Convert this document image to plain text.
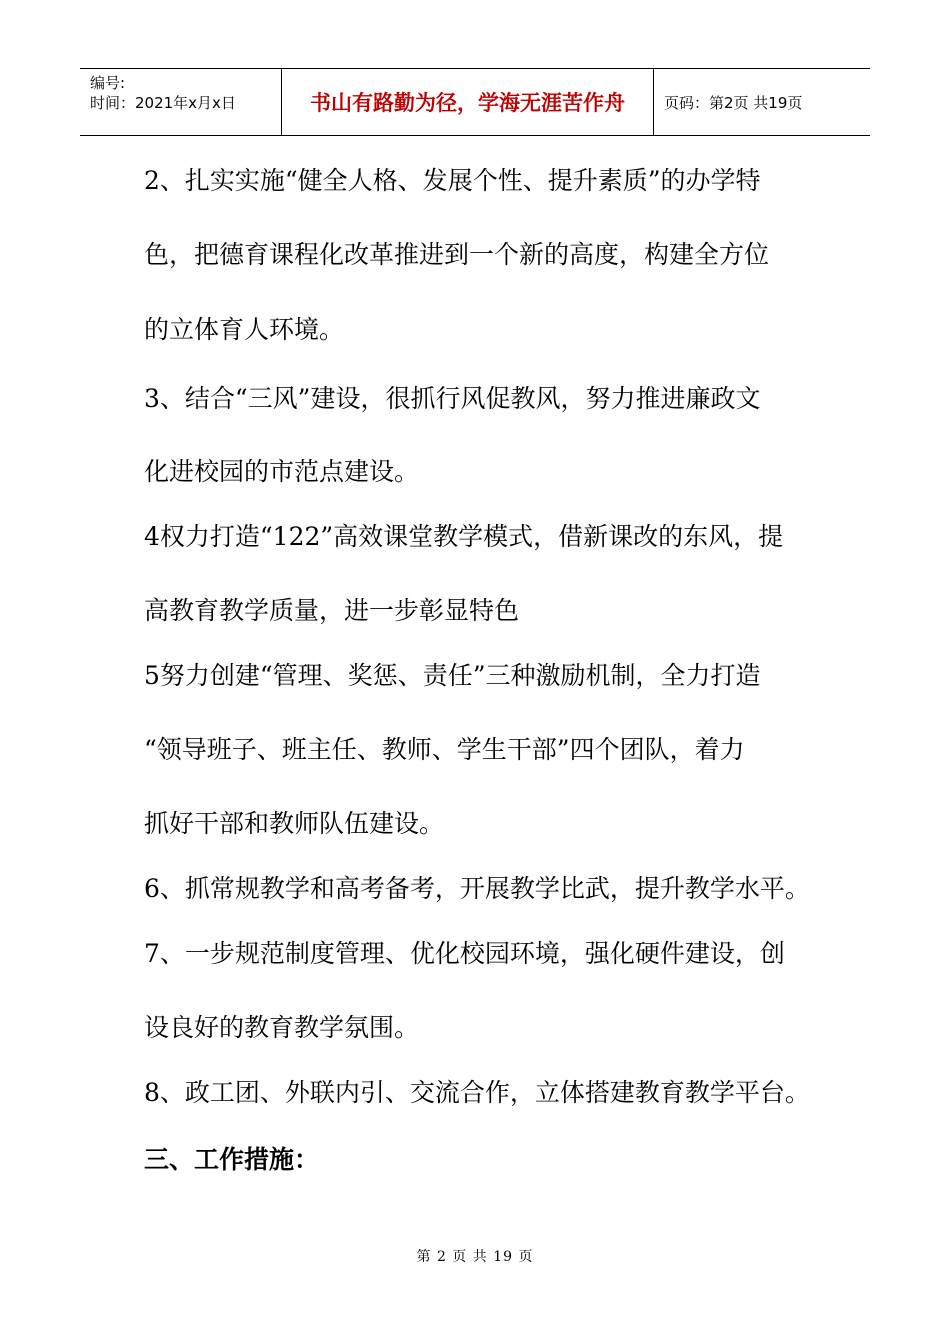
编号:
时间：2021年x月x日	书山有路勤为径，学海无涯苦作舟	页码：第2页 共19页
2、扎实实施“健全人格、发展个性、提升素质”的办学特
色，把德育课程化改革推进到一个新的高度，构建全方位
的立体育人环境。
3、结合“三风”建设，很抓行风促教风，努力推进廉政文
化进校园的市范点建设。
4权力打造“122”高效课堂教学模式，借新课改的东风，提
高教育教学质量，进一步彰显特色
5努力创建“管理、奖惩、责任”三种激励机制，全力打造
“领导班子、班主任、教师、学生干部”四个团队，着力
抓好干部和教师队伍建设。
6、抓常规教学和高考备考，开展教学比武，提升教学水平。
7、一步规范制度管理、优化校园环境，强化硬件建设，创
设良好的教育教学氛围。
8、政工团、外联内引、交流合作，立体搭建教育教学平台。
三、工作措施：
第 2 页 共 19 页
